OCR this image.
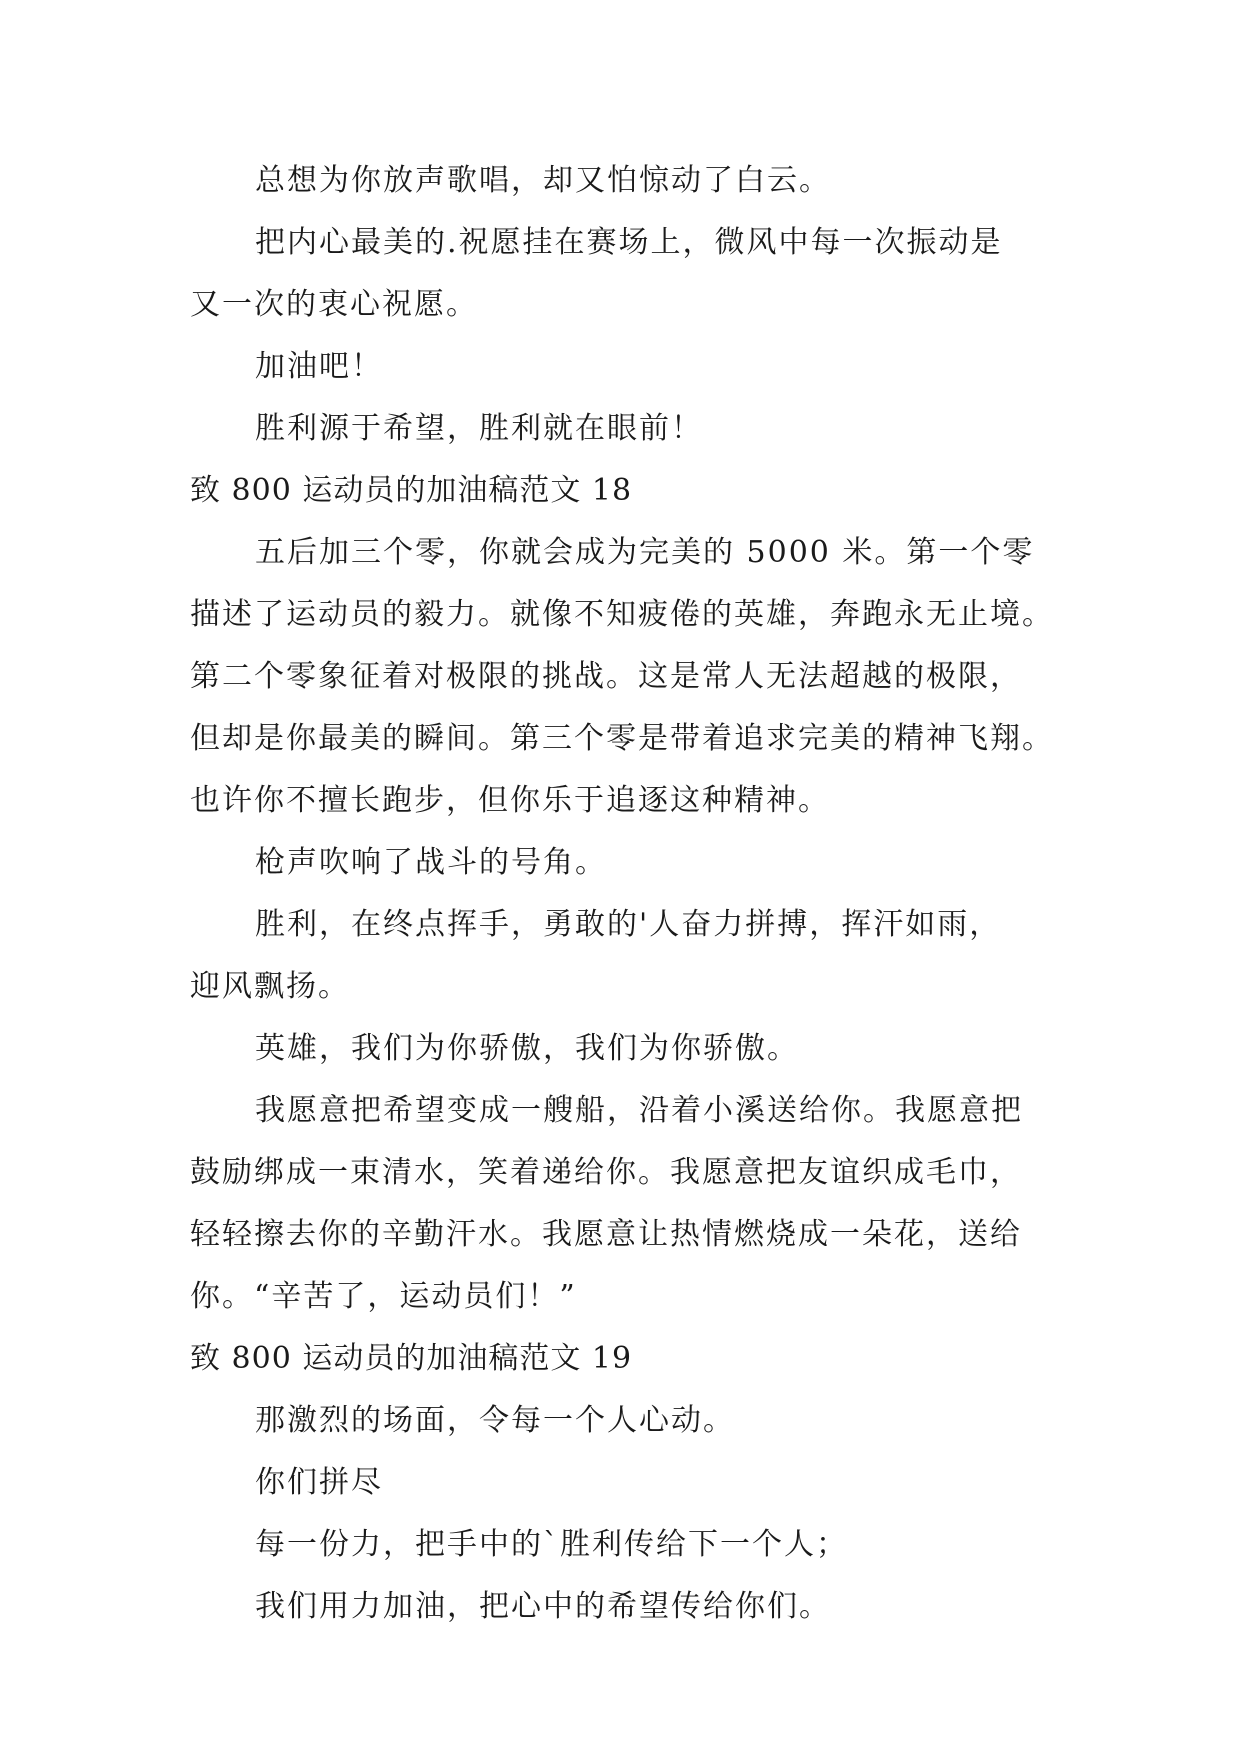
总想为你放声歌唱，却又怕惊动了白云。
把内心最美的.祝愿挂在赛场上，微风中每一次振动是
又一次的衷心祝愿。
加油吧！
胜利源于希望，胜利就在眼前！
致 800 运动员的加油稿范文 18
五后加三个零，你就会成为完美的 5000 米。第一个零
描述了运动员的毅力。就像不知疲倦的英雄，奔跑永无止境。
第二个零象征着对极限的挑战。这是常人无法超越的极限，
但却是你最美的瞬间。第三个零是带着追求完美的精神飞翔。
也许你不擅长跑步，但你乐于追逐这种精神。
枪声吹响了战斗的号角。
胜利，在终点挥手，勇敢的'人奋力拼搏，挥汗如雨，
迎风飘扬。
英雄，我们为你骄傲，我们为你骄傲。
我愿意把希望变成一艘船，沿着小溪送给你。我愿意把
鼓励绑成一束清水，笑着递给你。我愿意把友谊织成毛巾，
轻轻擦去你的辛勤汗水。我愿意让热情燃烧成一朵花，送给
你。“辛苦了，运动员们！”
致 800 运动员的加油稿范文 19
那激烈的场面，令每一个人心动。
你们拼尽
每一份力，把手中的`胜利传给下一个人；
我们用力加油，把心中的希望传给你们。
